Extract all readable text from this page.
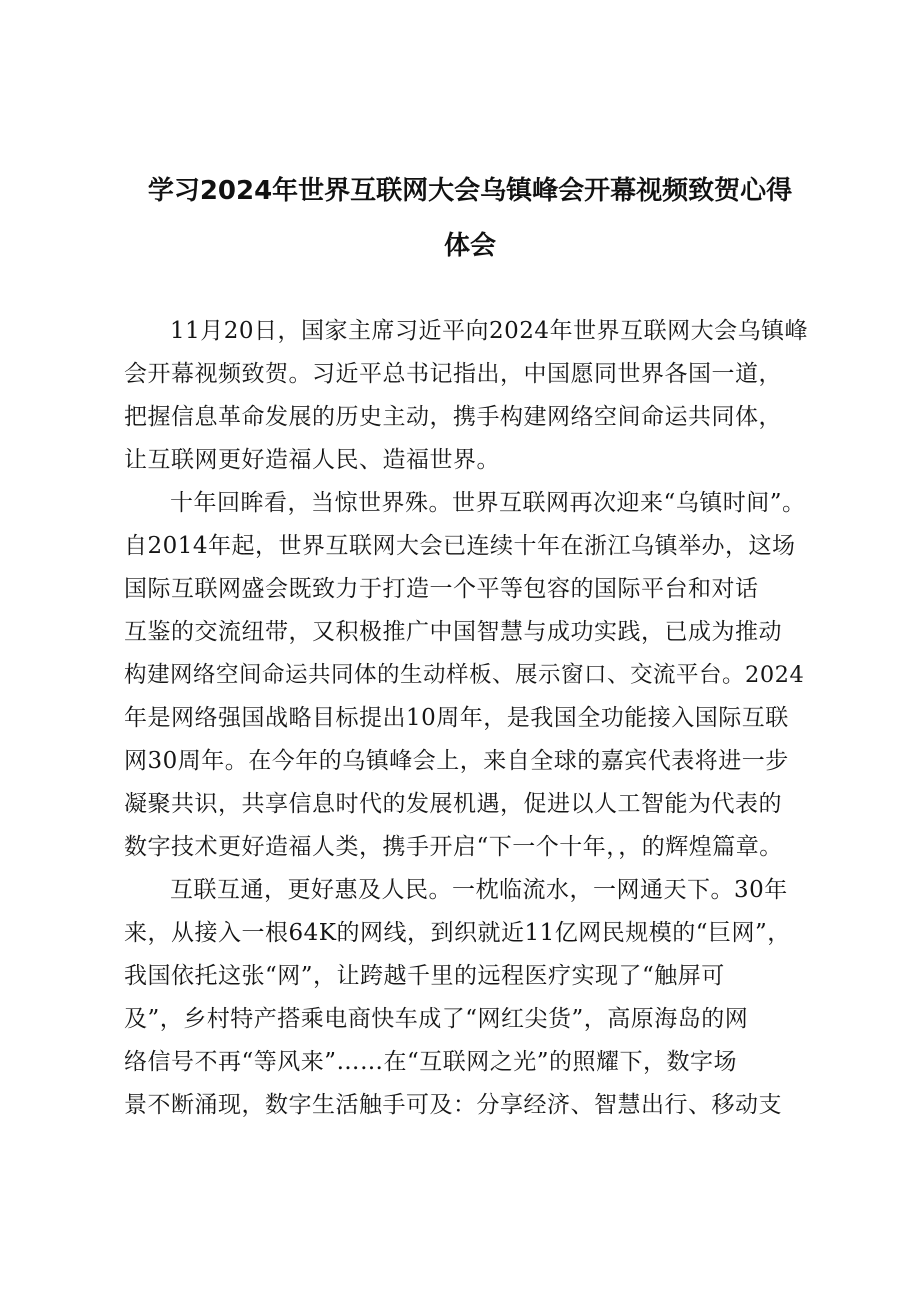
学习2024年世界互联网大会乌镇峰会开幕视频致贺心得
体会
11月20日，国家主席习近平向2024年世界互联网大会乌镇峰
会开幕视频致贺。习近平总书记指出，中国愿同世界各国一道，
把握信息革命发展的历史主动，携手构建网络空间命运共同体，
让互联网更好造福人民、造福世界。
十年回眸看，当惊世界殊。世界互联网再次迎来“乌镇时间”。
自2014年起，世界互联网大会已连续十年在浙江乌镇举办，这场
国际互联网盛会既致力于打造一个平等包容的国际平台和对话
互鉴的交流纽带，又积极推广中国智慧与成功实践，已成为推动
构建网络空间命运共同体的生动样板、展示窗口、交流平台。2024
年是网络强国战略目标提出10周年，是我国全功能接入国际互联
网30周年。在今年的乌镇峰会上，来自全球的嘉宾代表将进一步
凝聚共识，共享信息时代的发展机遇，促进以人工智能为代表的
数字技术更好造福人类，携手开启“下一个十年，，的辉煌篇章。
互联互通，更好惠及人民。一枕临流水，一网通天下。30年
来，从接入一根64K的网线，到织就近11亿网民规模的“巨网”，
我国依托这张“网”，让跨越千里的远程医疗实现了“触屏可
及”，乡村特产搭乘电商快车成了“网红尖货”，高原海岛的网
络信号不再“等风来”……在“互联网之光”的照耀下，数字场
景不断涌现，数字生活触手可及：分享经济、智慧出行、移动支
